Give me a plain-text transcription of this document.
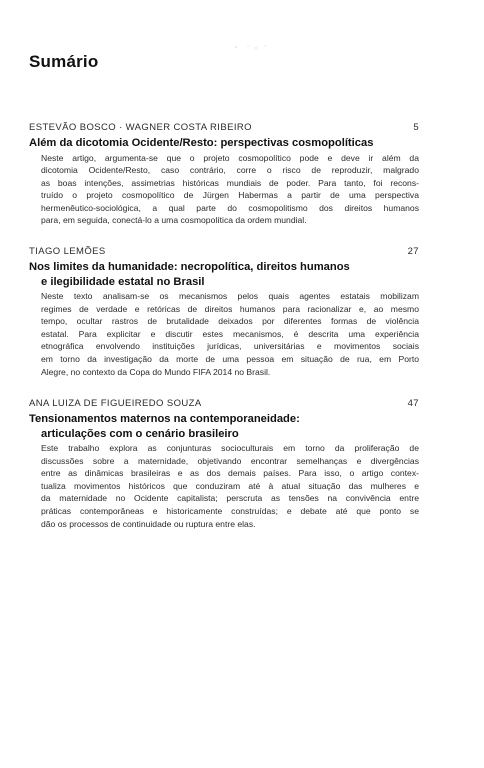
Sumário
ESTEVÃO BOSCO · WAGNER COSTA RIBEIRO	5
Além da dicotomia Ocidente/Resto: perspectivas cosmopolíticas
Neste artigo, argumenta-se que o projeto cosmopolítico pode e deve ir além da
dicotomia Ocidente/Resto, caso contrário, corre o risco de reproduzir, malgrado
as boas intenções, assimetrias históricas mundiais de poder. Para tanto, foi recons-
truído o projeto cosmopolítico de Jürgen Habermas a partir de uma perspectiva
hermenêutico-sociológica, a qual parte do cosmopolitismo dos direitos humanos
para, em seguida, conectá-lo a uma cosmopolítica da ordem mundial.
TIAGO LEMÕES	27
Nos limites da humanidade: necropolítica, direitos humanos
e ilegibilidade estatal no Brasil
Neste texto analisam-se os mecanismos pelos quais agentes estatais mobilizam
regimes de verdade e retóricas de direitos humanos para racionalizar e, ao mesmo
tempo, ocultar rastros de brutalidade deixados por diferentes formas de violência
estatal. Para explicitar e discutir estes mecanismos, é descrita uma experiência
etnográfica envolvendo instituições jurídicas, universitárias e movimentos sociais
em torno da investigação da morte de uma pessoa em situação de rua, em Porto
Alegre, no contexto da Copa do Mundo FIFA 2014 no Brasil.
ANA LUIZA DE FIGUEIREDO SOUZA	47
Tensionamentos maternos na contemporaneidade:
articulações com o cenário brasileiro
Este trabalho explora as conjunturas socioculturais em torno da proliferação de
discussões sobre a maternidade, objetivando encontrar semelhanças e divergências
entre as dinâmicas brasileiras e as dos demais países. Para isso, o artigo contex-
tualiza movimentos históricos que conduziram até à atual situação das mulheres e
da maternidade no Ocidente capitalista; perscruta as tensões na convivência entre
práticas contemporâneas e historicamente construídas; e debate até que ponto se
dão os processos de continuidade ou ruptura entre elas.
